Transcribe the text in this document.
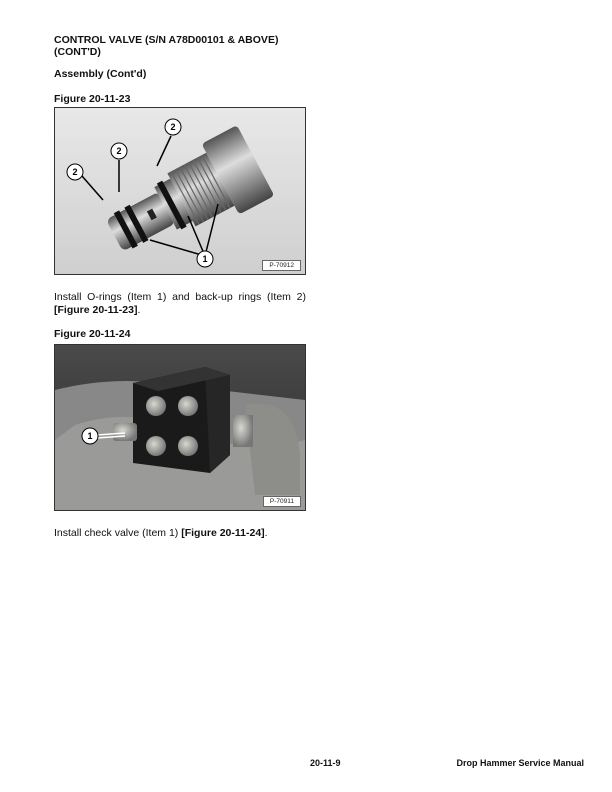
CONTROL VALVE (S/N A78D00101 & ABOVE)
(CONT'D)
Assembly (Cont'd)
Figure 20-11-23
2
2
2
1
P-70912
Install O-rings (Item 1) and back-up rings (Item 2) [Figure 20-11-23].
Figure 20-11-24
1
P-70911
Install check valve (Item 1) [Figure 20-11-24].
20-11-9	Drop Hammer Service Manual
